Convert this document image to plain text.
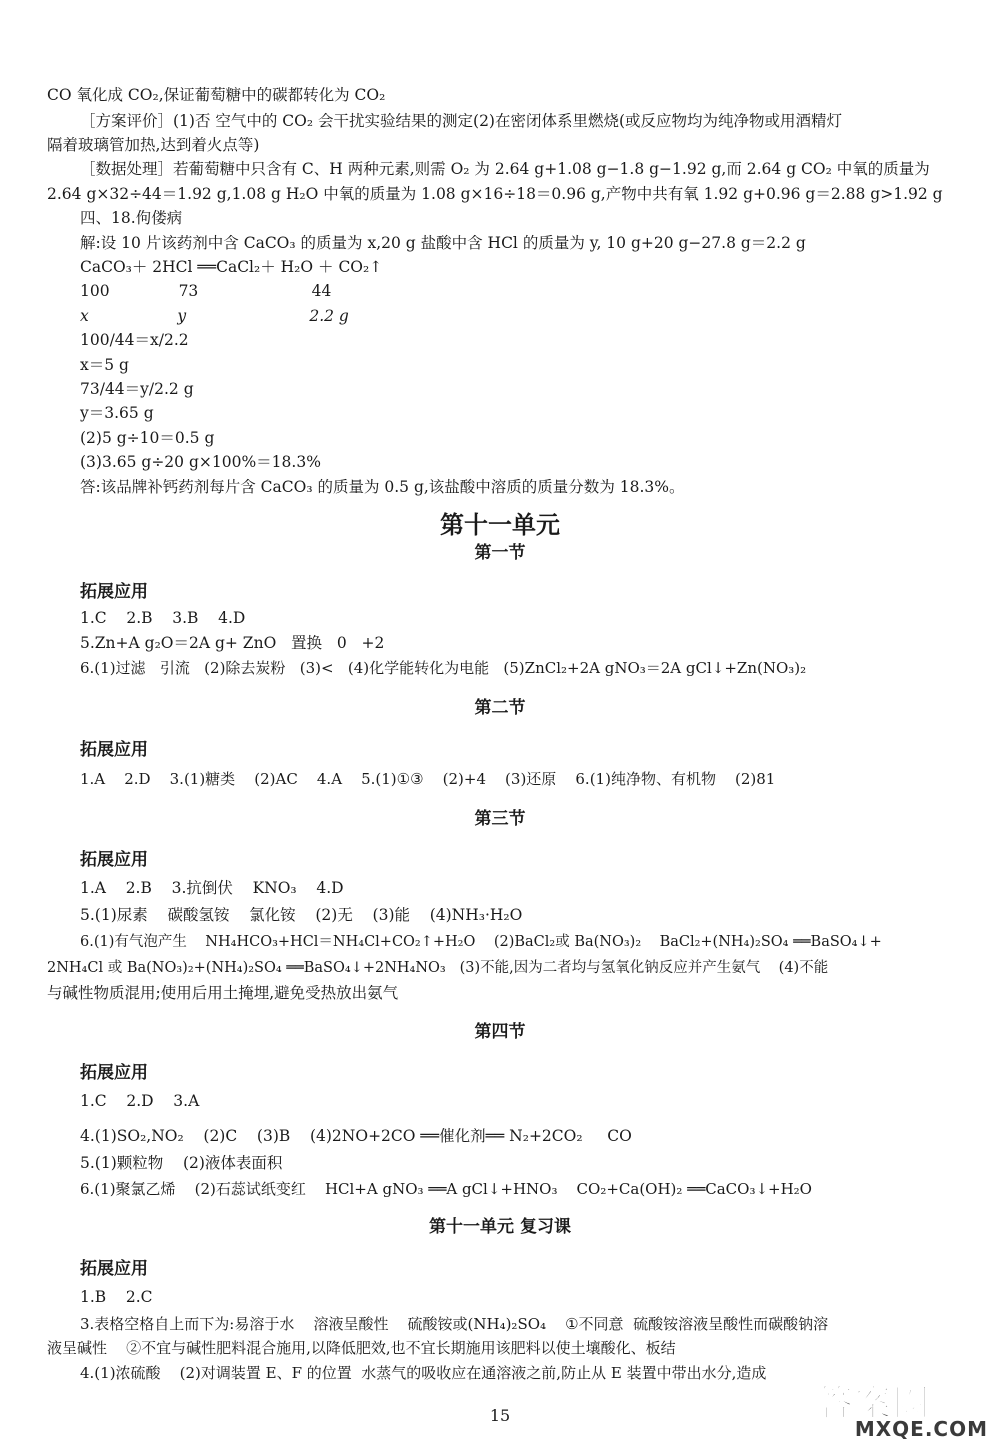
CO 氧化成 CO₂,保证葡萄糖中的碳都转化为 CO₂
［方案评价］(1)否 空气中的 CO₂ 会干扰实验结果的测定(2)在密闭体系里燃烧(或反应物均为纯净物或用酒精灯
隔着玻璃管加热,达到着火点等)
［数据处理］若葡萄糖中只含有 C、H 两种元素,则需 O₂ 为 2.64 g+1.08 g−1.8 g−1.92 g,而 2.64 g CO₂ 中氧的质量为
2.64 g×32÷44＝1.92 g,1.08 g H₂O 中氧的质量为 1.08 g×16÷18＝0.96 g,产物中共有氧 1.92 g+0.96 g＝2.88 g>1.92 g
四、18.佝偻病
解:设 10 片该药剂中含 CaCO₃ 的质量为 x,20 g 盐酸中含 HCl 的质量为 y, 10 g+20 g−27.8 g＝2.2 g
CaCO₃＋ 2HCl ══CaCl₂＋ H₂O ＋ CO₂↑
100              73                       44
x                  y                         2.2 g
100/44＝x/2.2
x＝5 g
73/44＝y/2.2 g
y＝3.65 g
(2)5 g÷10＝0.5 g
(3)3.65 g÷20 g×100%＝18.3%
答:该品牌补钙药剂每片含 CaCO₃ 的质量为 0.5 g,该盐酸中溶质的质量分数为 18.3%。
第十一单元
第一节
拓展应用
1.C    2.B    3.B    4.D
5.Zn+A g₂O＝2A g+ ZnO   置换   0   +2
6.(1)过滤   引流   (2)除去炭粉   (3)<   (4)化学能转化为电能   (5)ZnCl₂+2A gNO₃＝2A gCl↓+Zn(NO₃)₂
第二节
拓展应用
1.A    2.D    3.(1)糖类    (2)AC    4.A    5.(1)①③    (2)+4    (3)还原    6.(1)纯净物、有机物    (2)81
第三节
拓展应用
1.A    2.B    3.抗倒伏    KNO₃    4.D
5.(1)尿素    碳酸氢铵    氯化铵    (2)无    (3)能    (4)NH₃·H₂O
6.(1)有气泡产生    NH₄HCO₃+HCl＝NH₄Cl+CO₂↑+H₂O    (2)BaCl₂或 Ba(NO₃)₂    BaCl₂+(NH₄)₂SO₄ ══BaSO₄↓+
2NH₄Cl 或 Ba(NO₃)₂+(NH₄)₂SO₄ ══BaSO₄↓+2NH₄NO₃   (3)不能,因为二者均与氢氧化钠反应并产生氨气    (4)不能
与碱性物质混用;使用后用土掩埋,避免受热放出氨气
第四节
拓展应用
1.C    2.D    3.A
4.(1)SO₂,NO₂    (2)C    (3)B    (4)2NO+2CO ══催化剂══ N₂+2CO₂     CO
5.(1)颗粒物    (2)液体表面积
6.(1)聚氯乙烯    (2)石蕊试纸变红    HCl+A gNO₃ ══A gCl↓+HNO₃    CO₂+Ca(OH)₂ ══CaCO₃↓+H₂O
第十一单元 复习课
拓展应用
1.B    2.C
3.表格空格自上而下为:易溶于水    溶液呈酸性    硫酸铵或(NH₄)₂SO₄    ①不同意  硫酸铵溶液呈酸性而碳酸钠溶
液呈碱性    ②不宜与碱性肥料混合施用,以降低肥效,也不宜长期施用该肥料以使土壤酸化、板结
4.(1)浓硫酸    (2)对调装置 E、F 的位置  水蒸气的吸收应在通溶液之前,防止从 E 装置中带出水分,造成
15	答案圈
MXQE.COM
